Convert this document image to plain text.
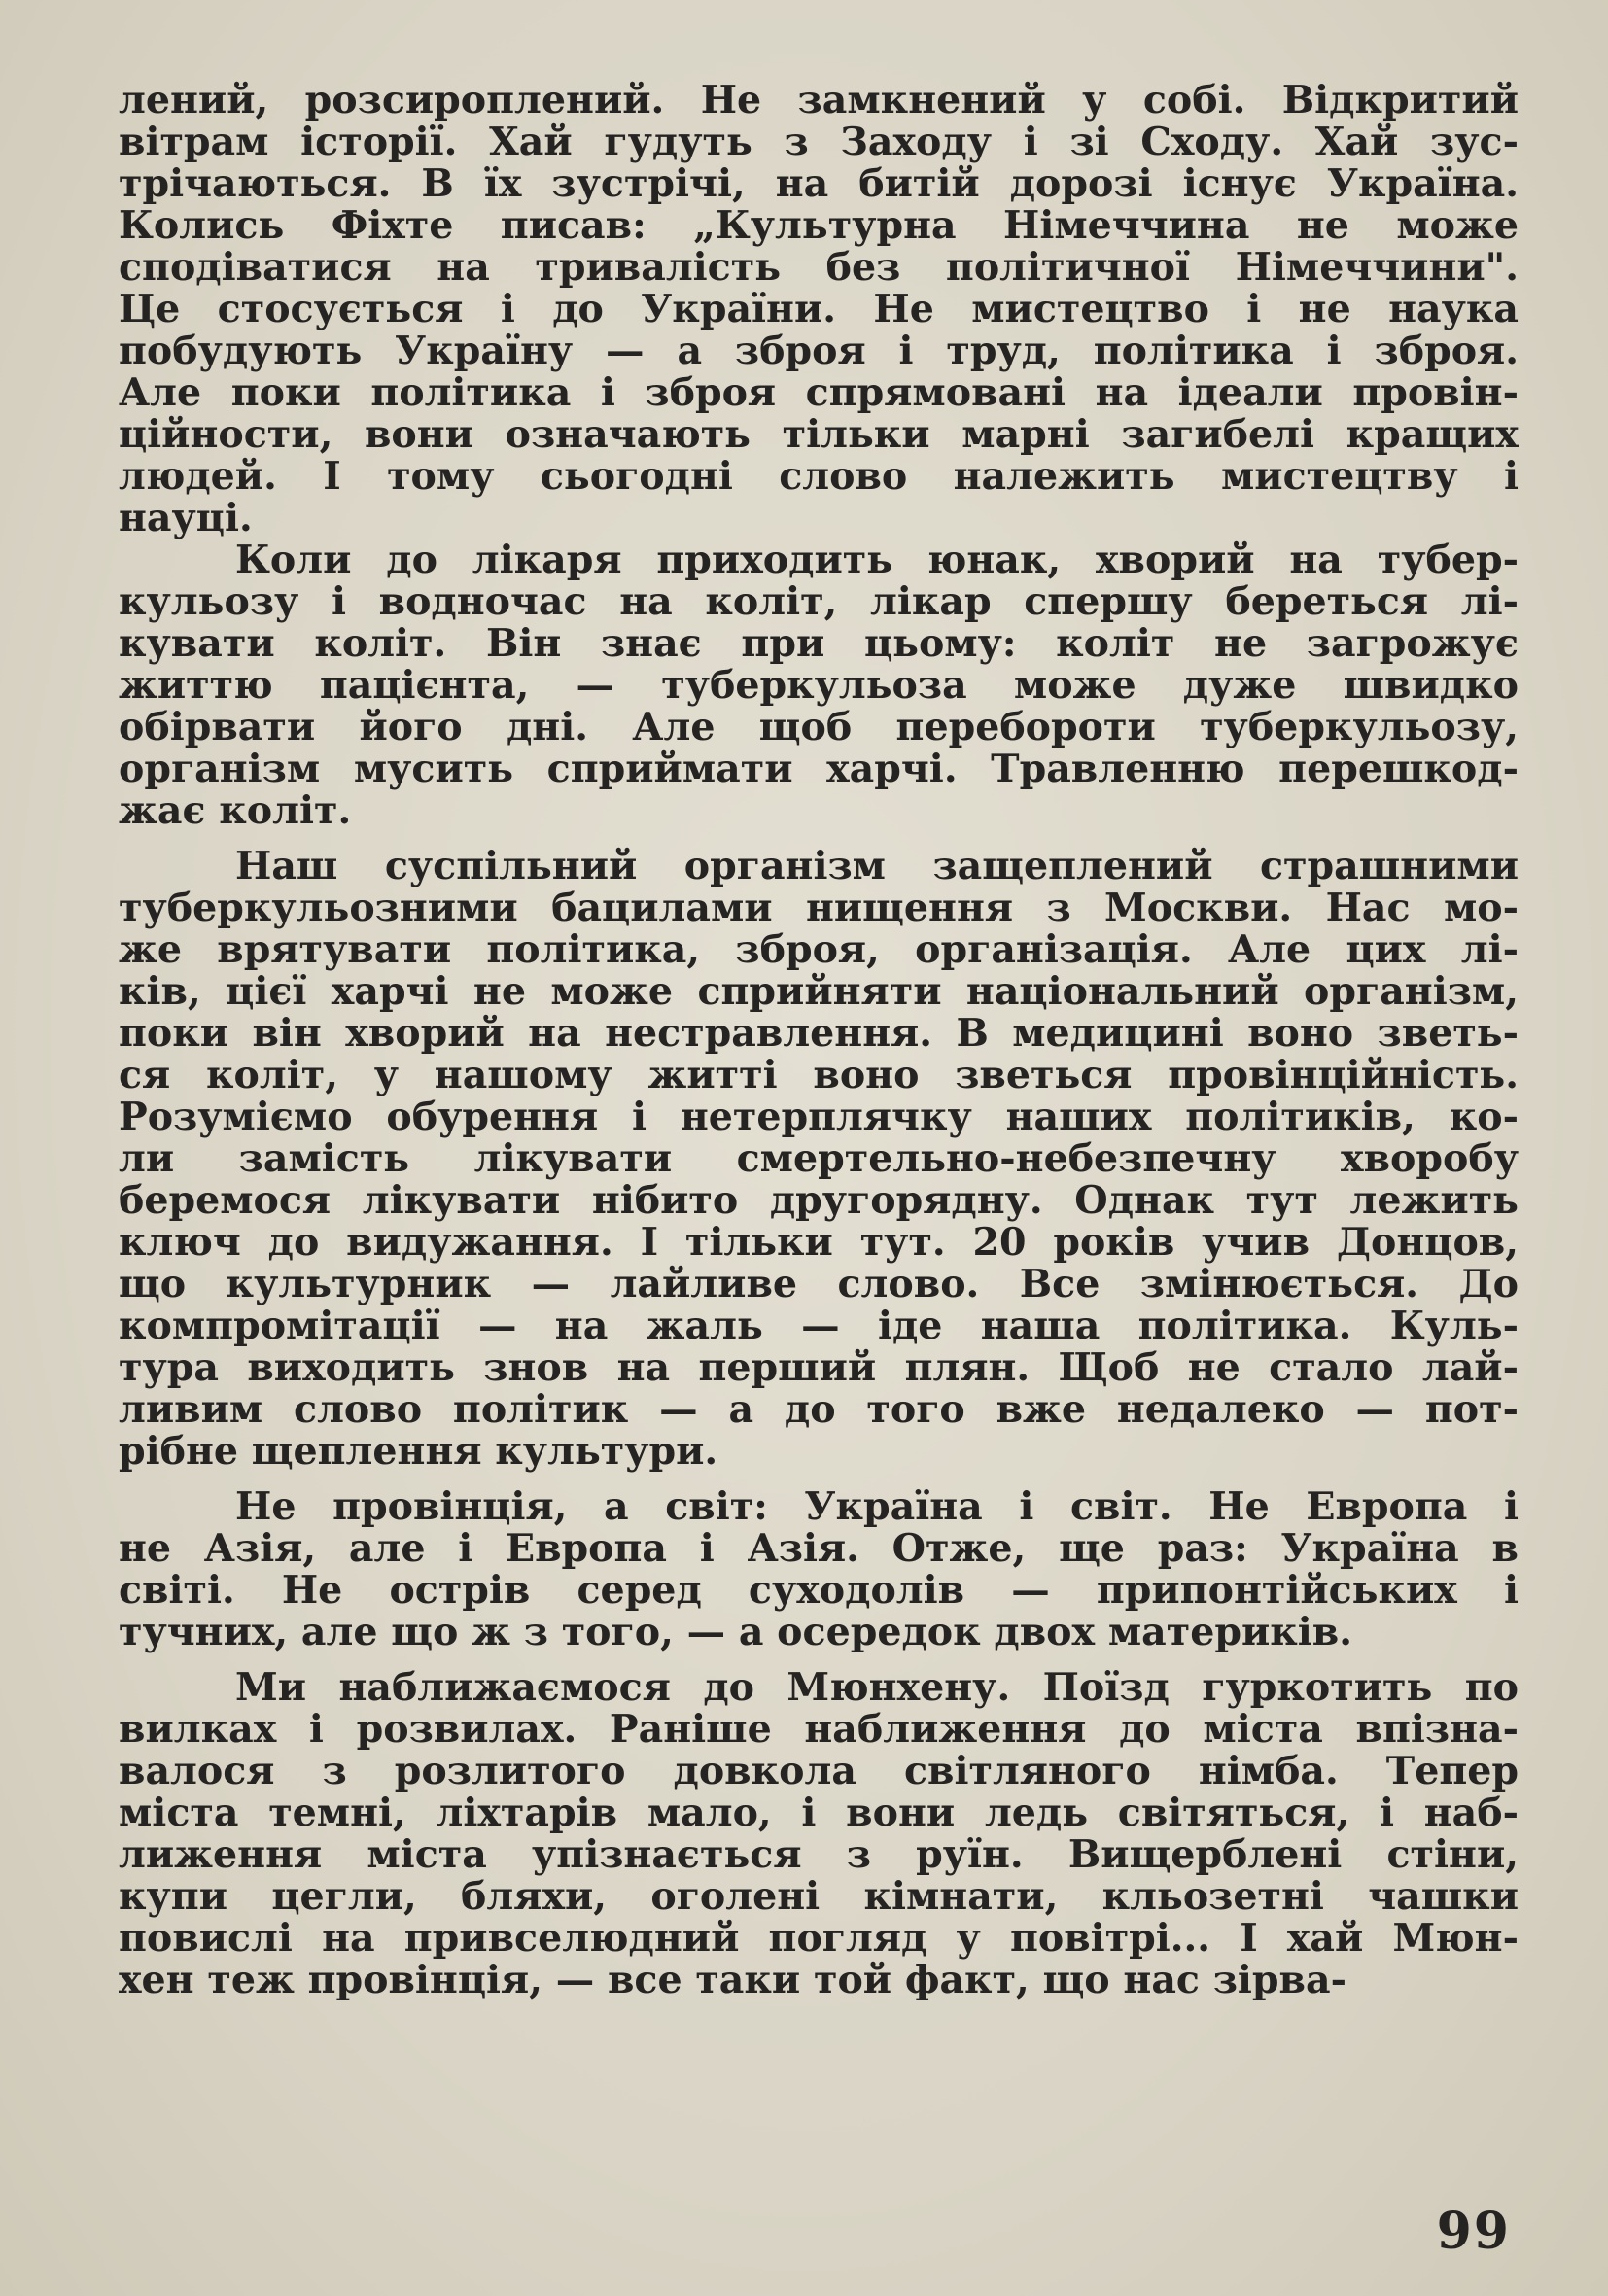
лений, розсироплений. Не замкнений у собі. Відкритий
вітрам історії. Хай гудуть з Заходу і зі Сходу. Хай зус-
трічаються. В їх зустрічі, на битій дорозі існує Україна.
Колись Фіхте писав: „Культурна Німеччина не може
сподіватися на тривалість без політичної Німеччини".
Це стосується і до України. Не мистецтво і не наука
побудують Україну — а зброя і труд, політика і зброя.
Але поки політика і зброя спрямовані на ідеали провін-
ційности, вони означають тільки марні загибелі кращих
людей. І тому сьогодні слово належить мистецтву і
науці.
Коли до лікаря приходить юнак, хворий на тубер-
кульозу і водночас на коліт, лікар спершу береться лі-
кувати коліт. Він знає при цьому: коліт не загрожує
життю пацієнта, — туберкульоза може дуже швидко
обірвати його дні. Але щоб перебороти туберкульозу,
організм мусить сприймати харчі. Травленню перешкод-
жає коліт.
Наш суспільний організм защеплений страшними
туберкульозними бацилами нищення з Москви. Нас мо-
же врятувати політика, зброя, організація. Але цих лі-
ків, цієї харчі не може сприйняти національний організм,
поки він хворий на нестравлення. В медицині воно зветь-
ся коліт, у нашому житті воно зветься провінційність.
Розуміємо обурення і нетерплячку наших політиків, ко-
ли замість лікувати смертельно-небезпечну хворобу
беремося лікувати нібито другорядну. Однак тут лежить
ключ до видужання. І тільки тут. 20 років учив Донцов,
що культурник — лайливе слово. Все змінюється. До
компромітації — на жаль — іде наша політика. Куль-
тура виходить знов на перший плян. Щоб не стало лай-
ливим слово політик — а до того вже недалеко — пот-
рібне щеплення культури.
Не провінція, а світ: Україна і світ. Не Европа і
не Азія, але і Европа і Азія. Отже, ще раз: Україна в
світі. Не острів серед суходолів — припонтійських і
тучних, але що ж з того, — а осередок двох материків.
Ми наближаємося до Мюнхену. Поїзд гуркотить по
вилках і розвилах. Раніше наближення до міста впізна-
валося з розлитого довкола світляного німба. Тепер
міста темні, ліхтарів мало, і вони ледь світяться, і наб-
лиження міста упізнається з руїн. Вищерблені стіни,
купи цегли, бляхи, оголені кімнати, кльозетні чашки
повислі на привселюдний погляд у повітрі... І хай Мюн-
хен теж провінція, — все таки той факт, що нас зірва-
99
